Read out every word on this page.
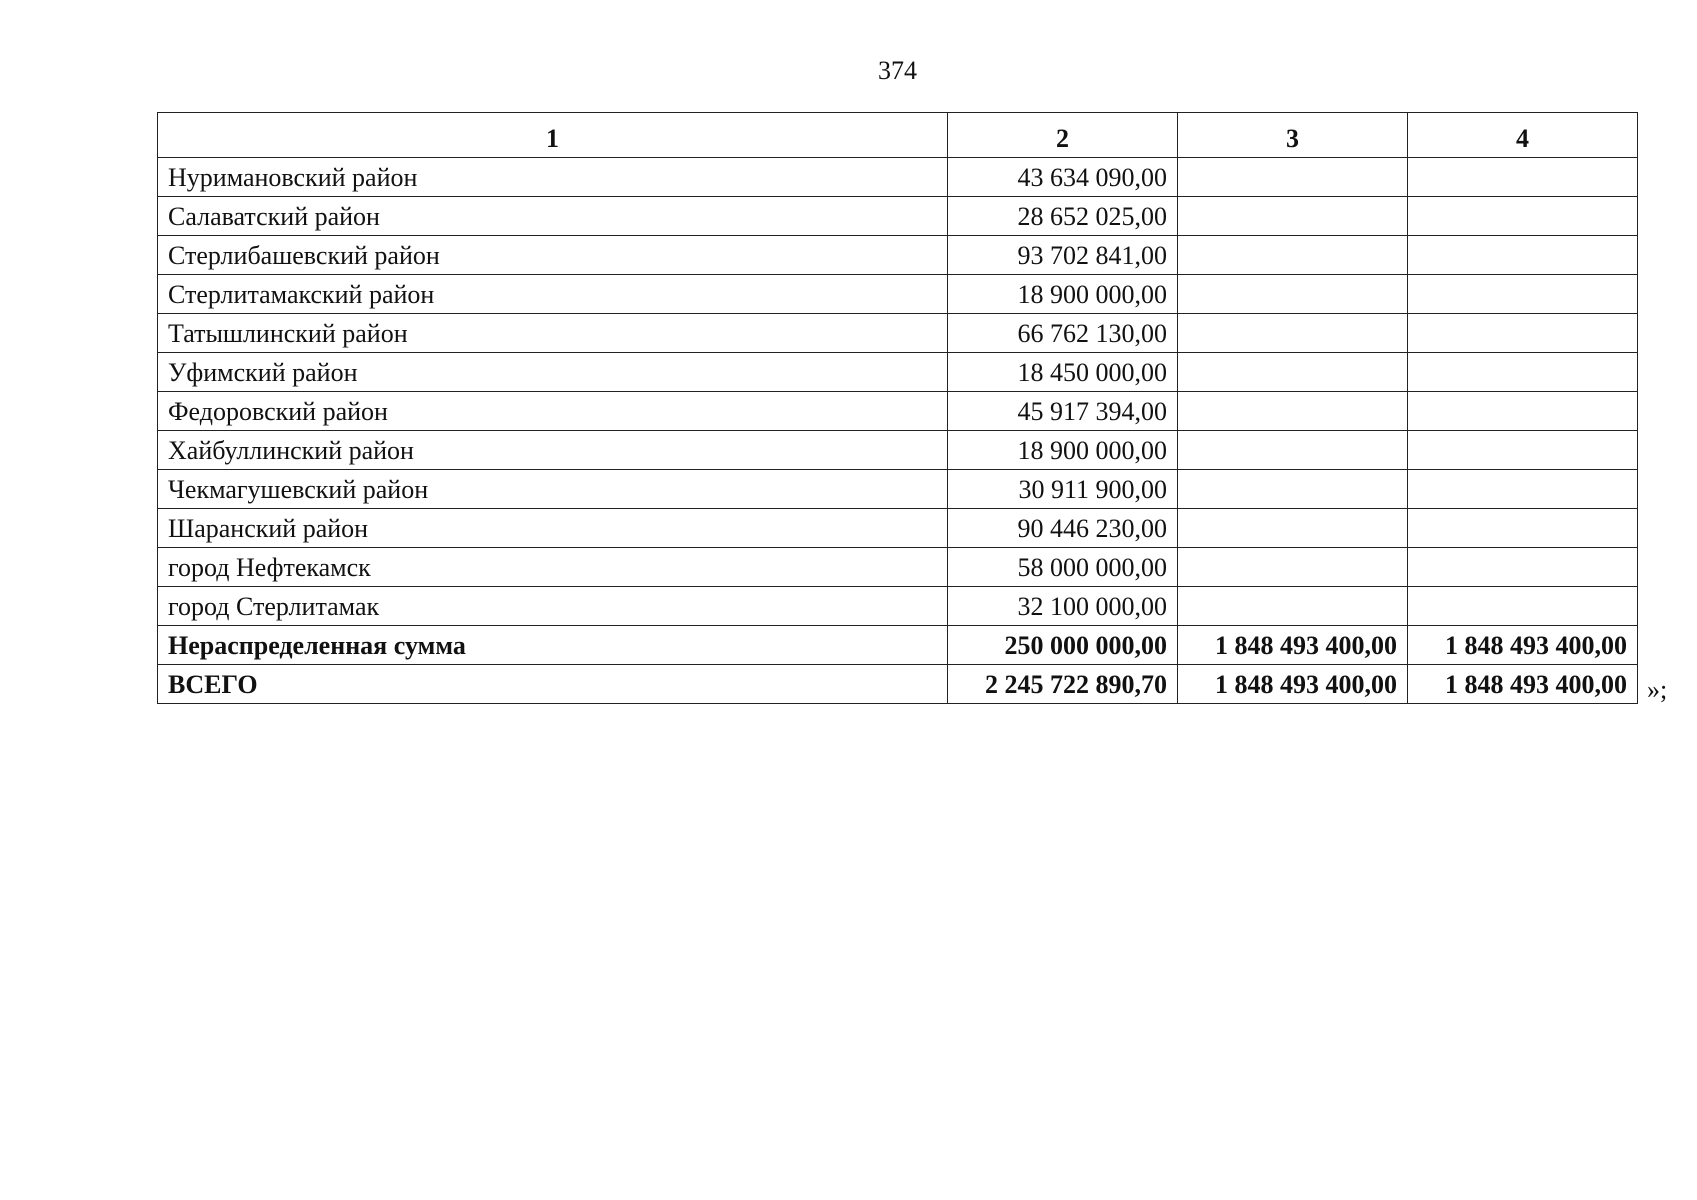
374
1	2	3	4
Нуримановский район	43 634 090,00		
Салаватский район	28 652 025,00		
Стерлибашевский район	93 702 841,00		
Стерлитамакский район	18 900 000,00		
Татышлинский район	66 762 130,00		
Уфимский район	18 450 000,00		
Федоровский район	45 917 394,00		
Хайбуллинский район	18 900 000,00		
Чекмагушевский район	30 911 900,00		
Шаранский район	90 446 230,00		
город Нефтекамск	58 000 000,00		
город Стерлитамак	32 100 000,00		
Нераспределенная сумма	250 000 000,00	1 848 493 400,00	1 848 493 400,00
ВСЕГО	2 245 722 890,70	1 848 493 400,00	1 848 493 400,00 »;
